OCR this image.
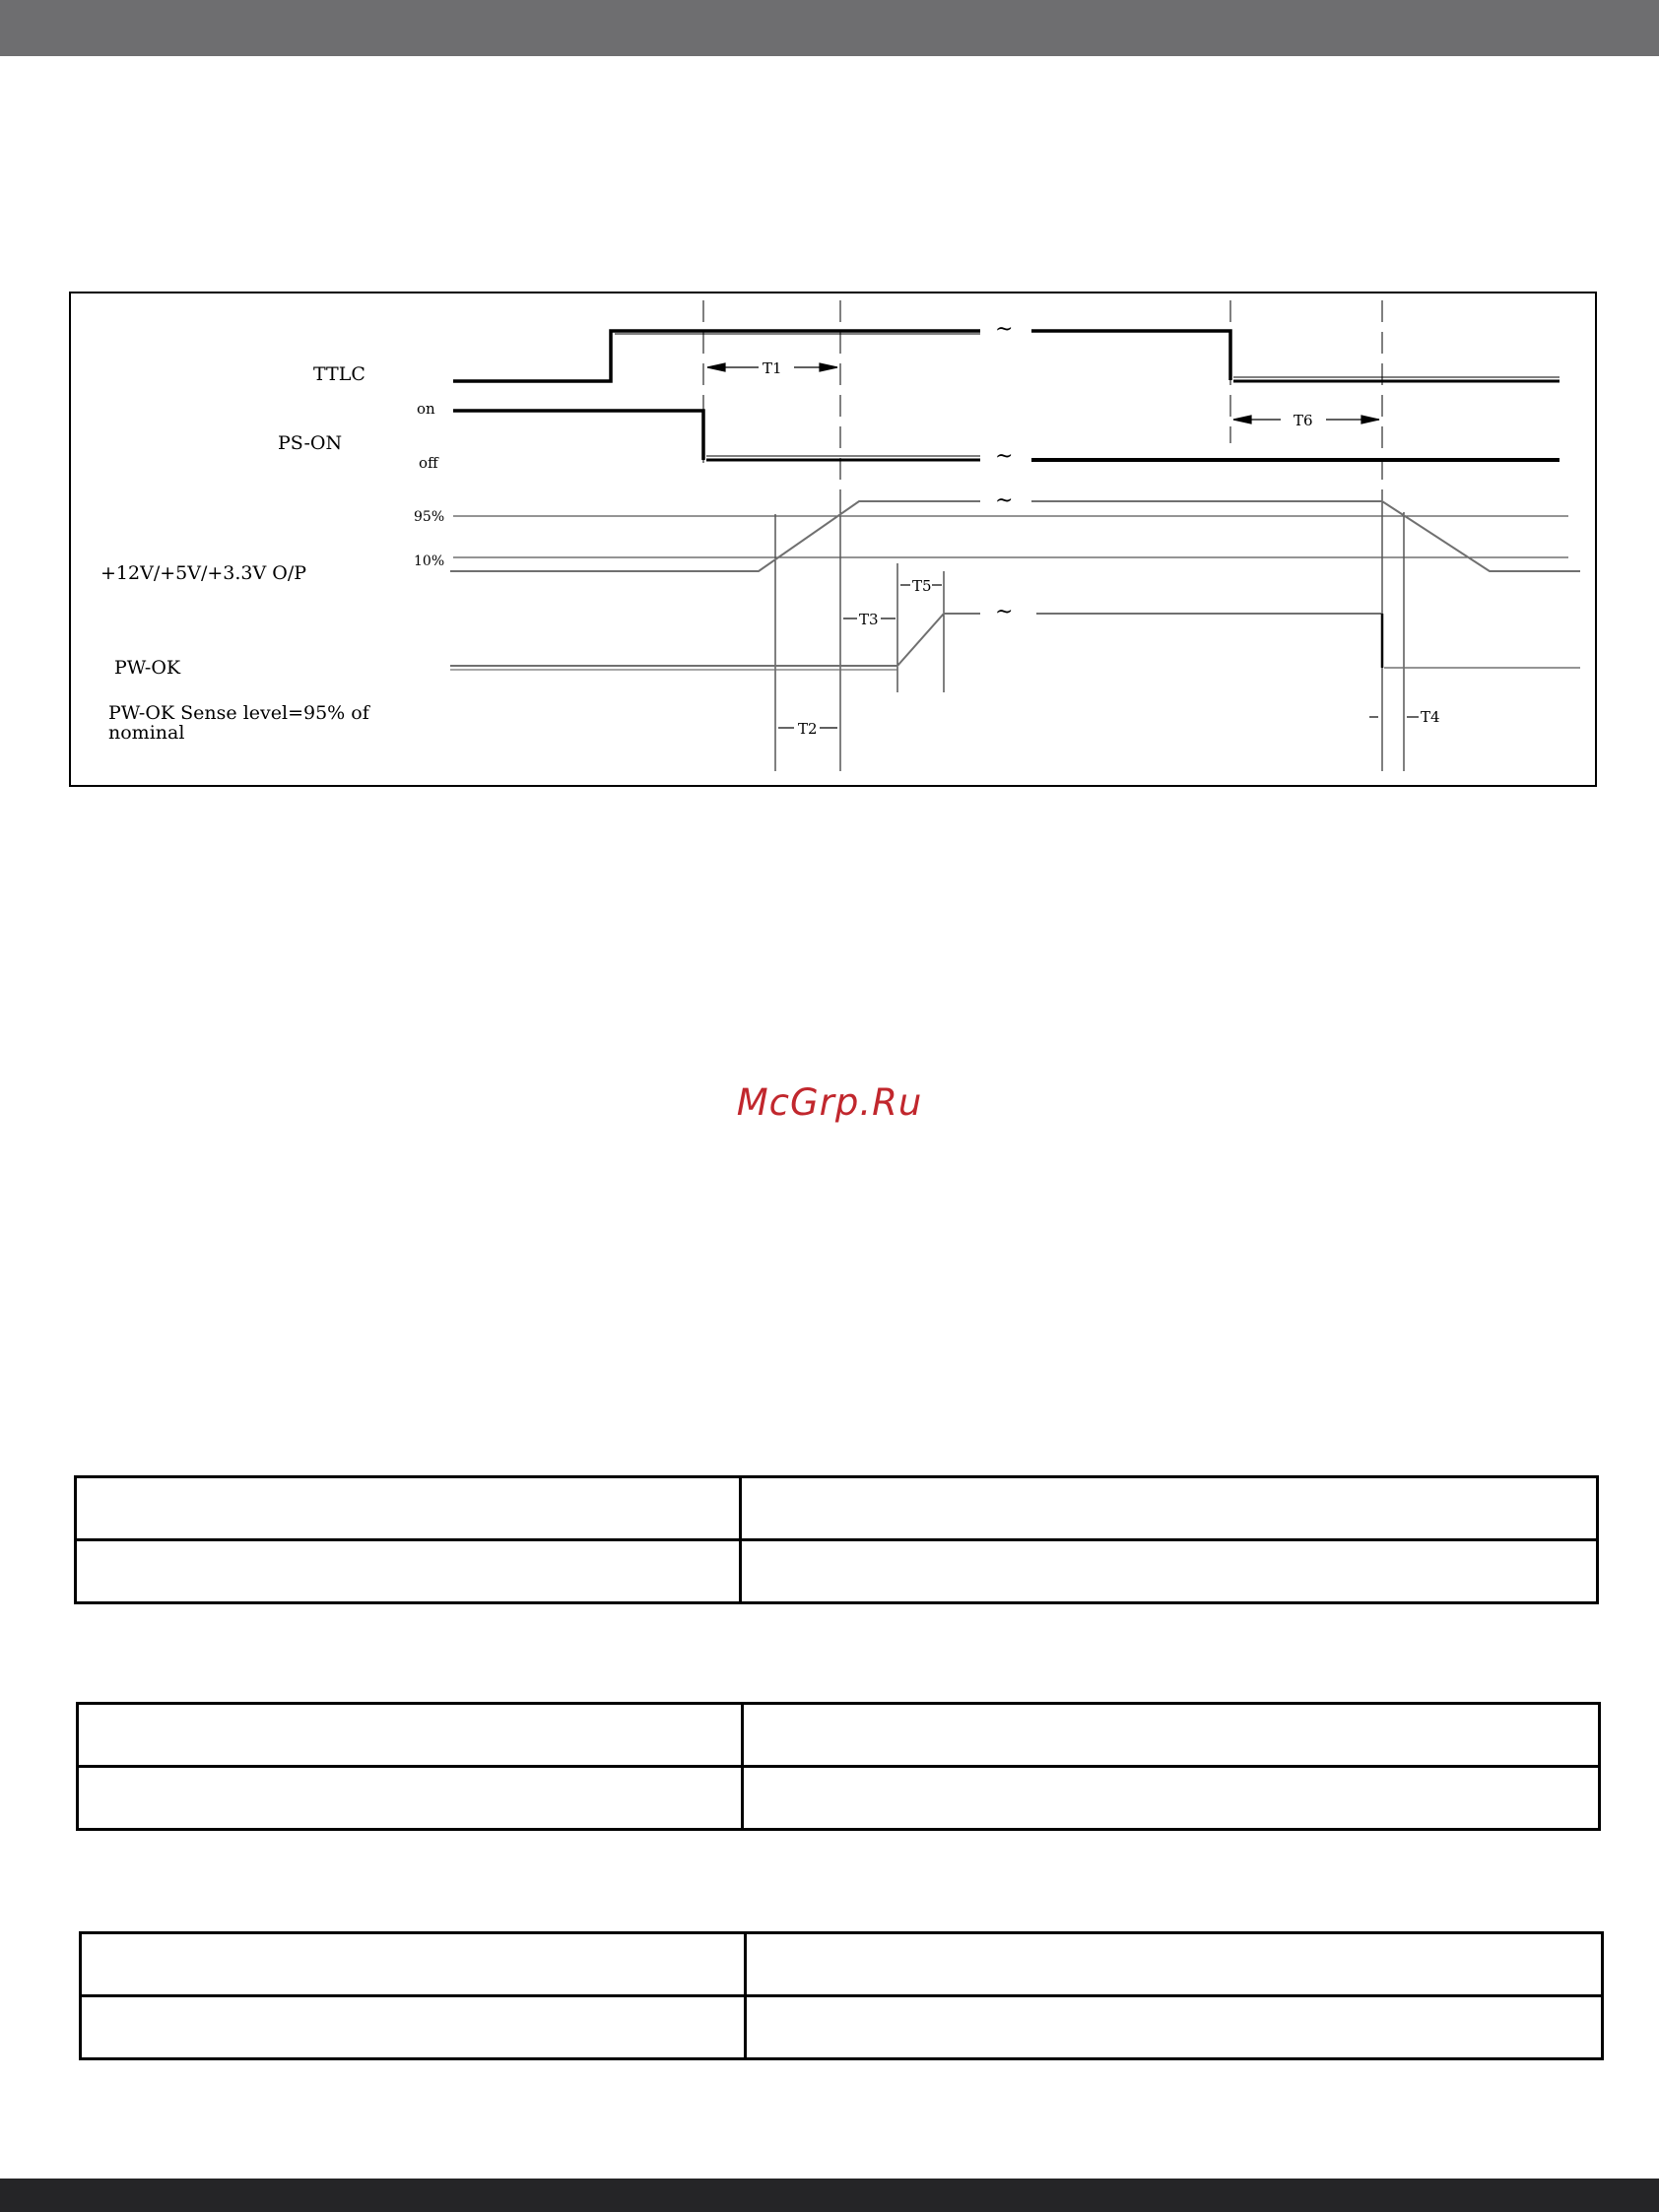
~
~
~
~
TTLC
PS-ON
on
off
+12V/+5V/+3.3V O/P
95%
10%
PW-OK
PW-OK Sense level=95% of
nominal
T1
T6
T3
T5
T2
T4
McGrp.Ru
